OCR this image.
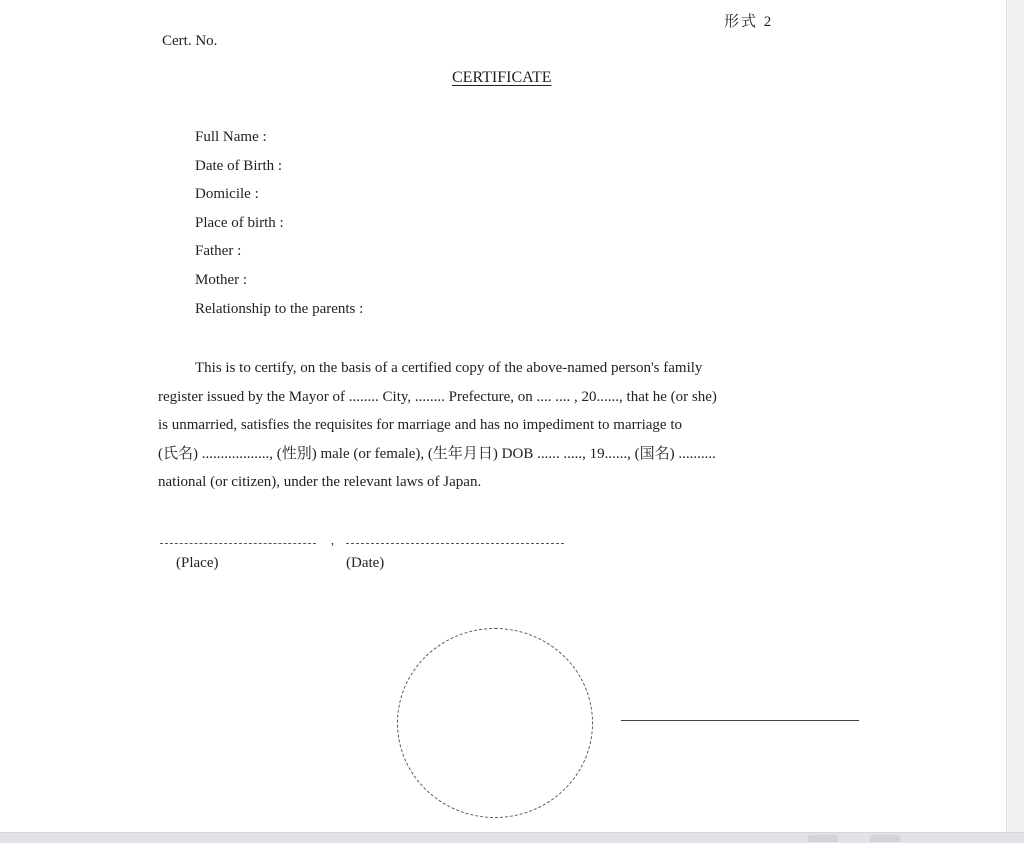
形式 2
Cert. No.
CERTIFICATE
Full Name :
Date of Birth :
Domicile :
Place of birth :
Father :
Mother :
Relationship to the parents :
This is to certify, on the basis of a certified copy of the above-named person's family
register issued by the Mayor of ........ City, ........ Prefecture, on .... .... , 20......, that he (or she)
is unmarried, satisfies the requisites for marriage and has no impediment to marriage to
(氏名) .................., (性別) male (or female), (生年月日) DOB ...... ....., 19......, (国名) ..........
national (or citizen), under the relevant laws of Japan.
,
(Place)	(Date)
